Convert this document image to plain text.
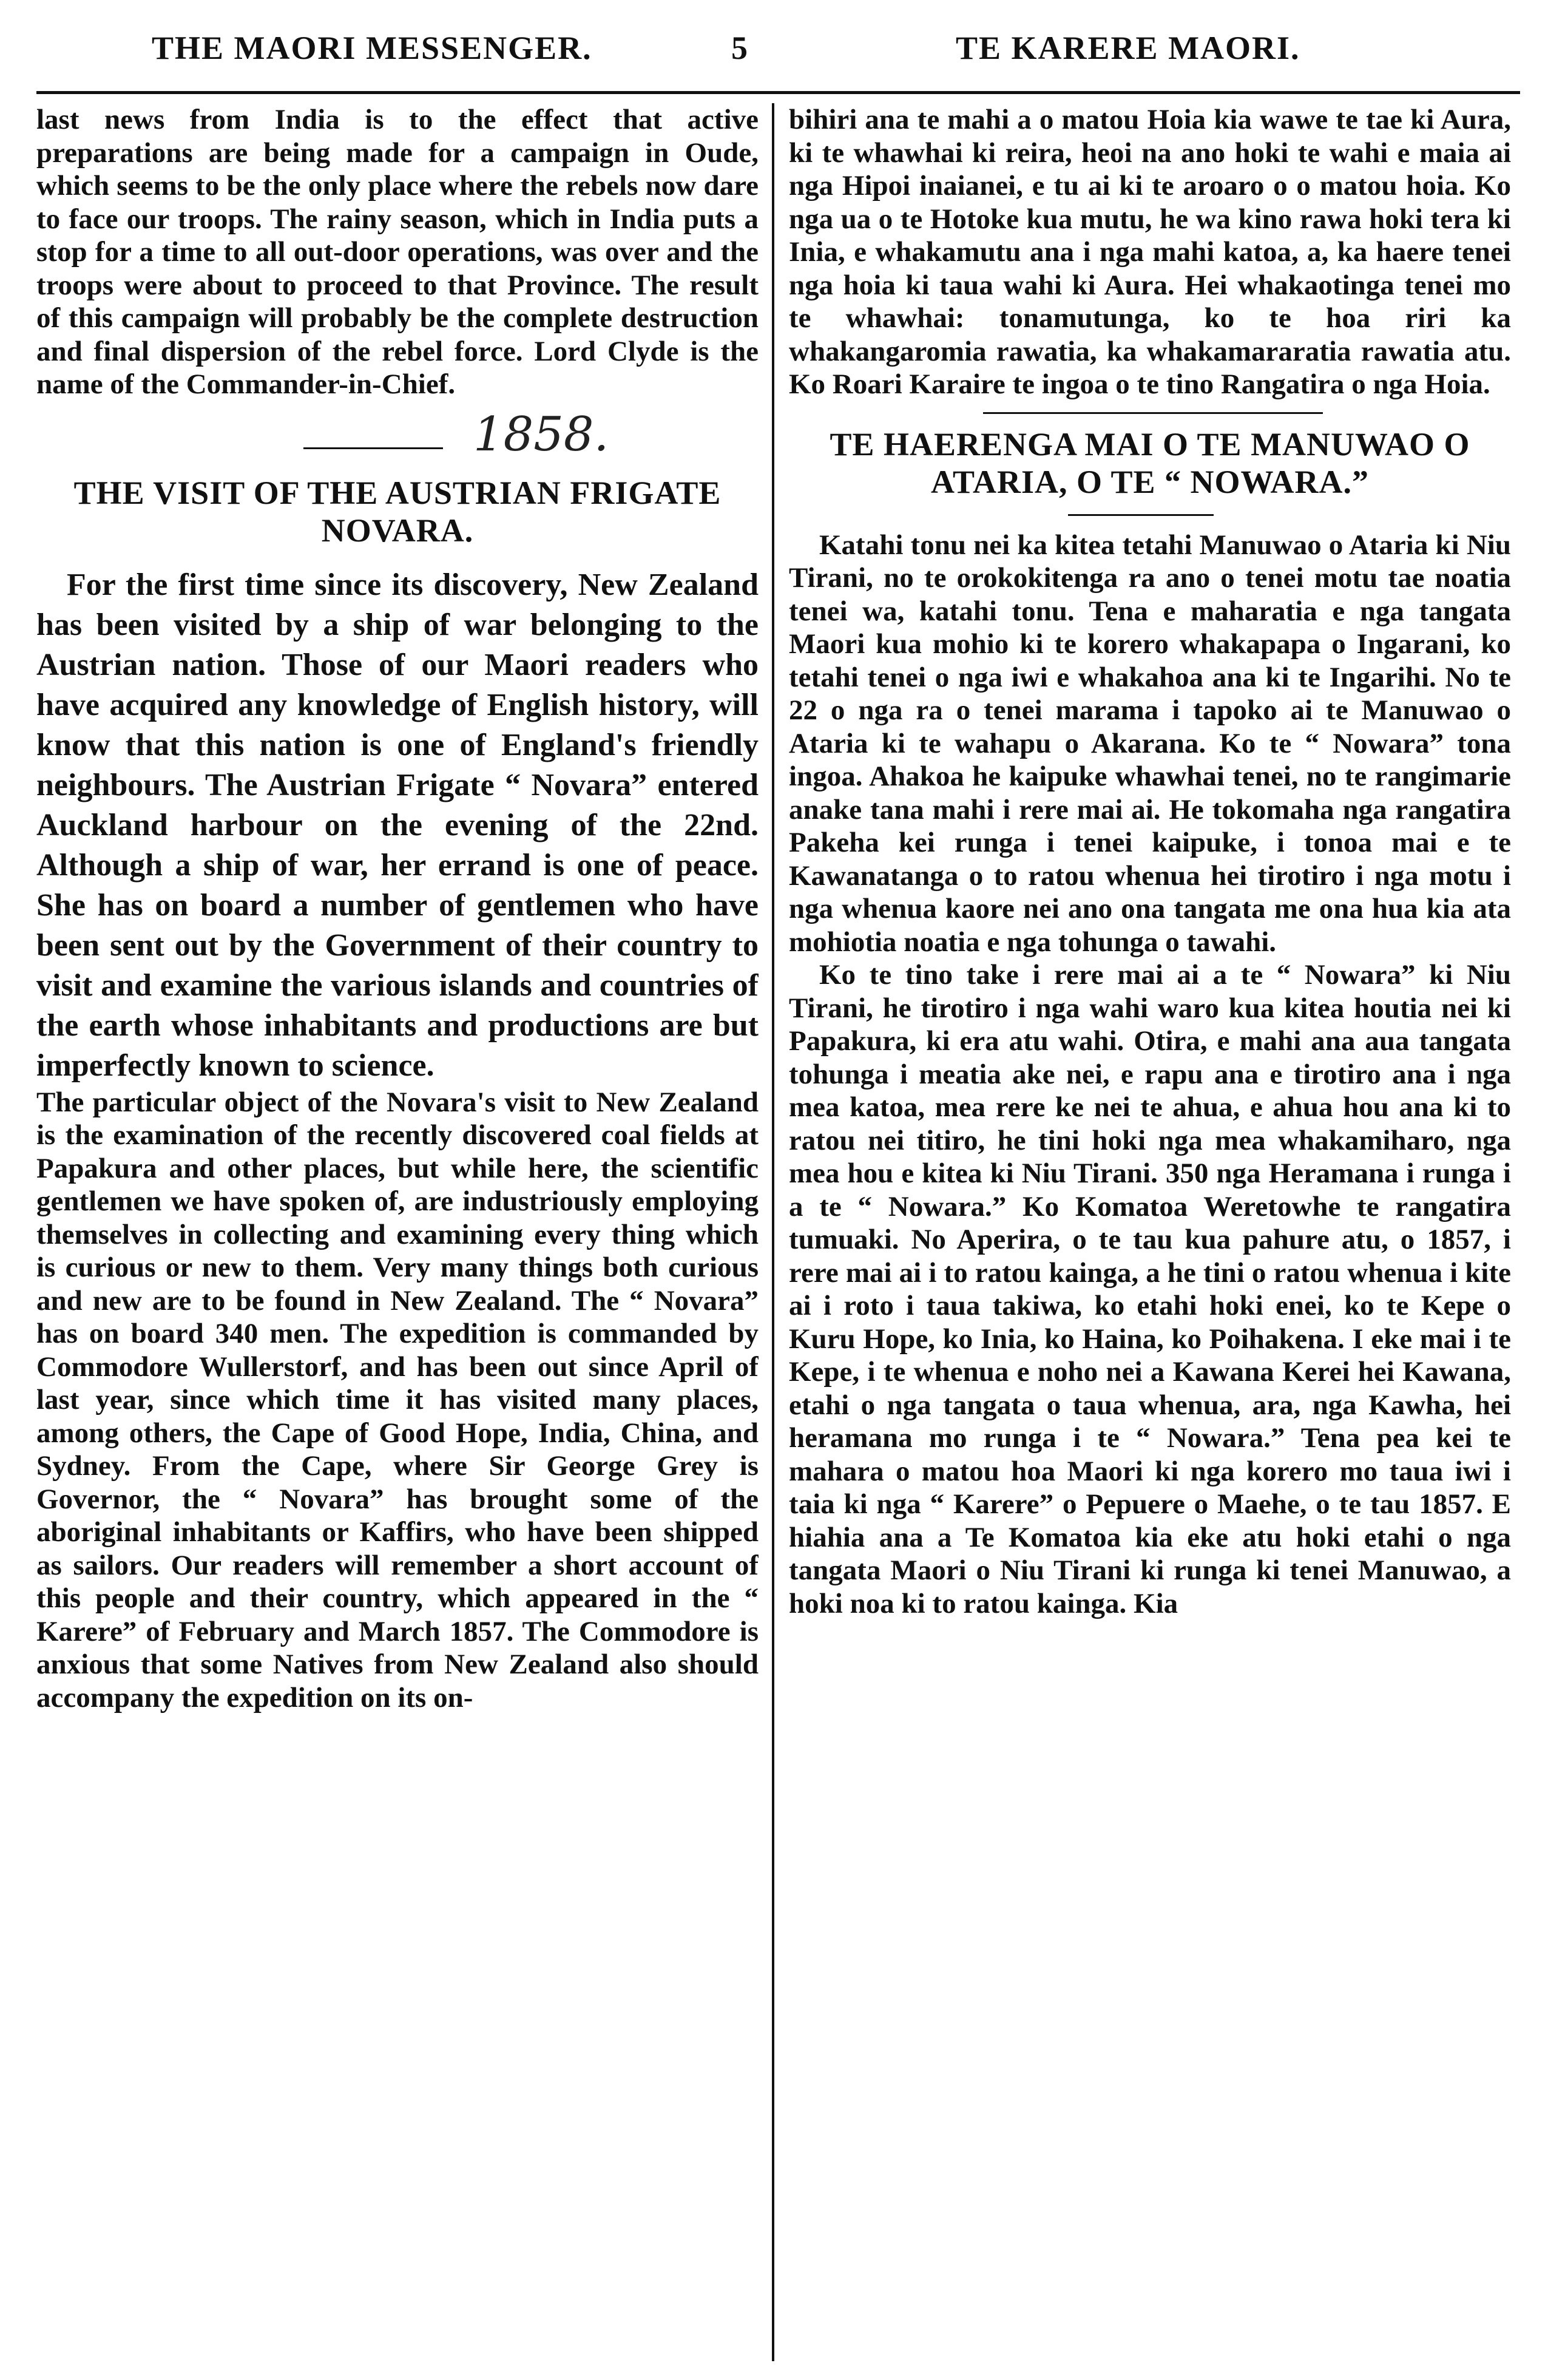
THE MAORI MESSENGER.	5	TE KARERE MAORI.

last news from India is to the effect that active preparations are being made for a campaign in Oude, which seems to be the only place where the rebels now dare to face our troops. The rainy season, which in India puts a stop for a time to all out-door operations, was over and the troops were about to proceed to that Province. The result of this campaign will probably be the complete destruction and final dispersion of the rebel force. Lord Clyde is the name of the Commander-in-Chief.

1858.
THE VISIT OF THE AUSTRIAN FRIGATE NOVARA.

For the first time since its discovery, New Zealand has been visited by a ship of war belonging to the Austrian nation. Those of our Maori readers who have acquired any knowledge of English history, will know that this nation is one of England's friendly neighbours. The Austrian Frigate “ Novara” entered Auckland harbour on the evening of the 22nd. Although a ship of war, her errand is one of peace. She has on board a number of gentlemen who have been sent out by the Government of their country to visit and examine the various islands and countries of the earth whose inhabitants and productions are but imperfectly known to science.

The particular object of the Novara's visit to New Zealand is the examination of the recently discovered coal fields at Papakura and other places, but while here, the scientific gentlemen we have spoken of, are industriously employing themselves in collecting and examining every thing which is curious or new to them. Very many things both curious and new are to be found in New Zealand. The “ Novara” has on board 340 men. The expedition is commanded by Commodore Wullerstorf, and has been out since April of last year, since which time it has visited many places, among others, the Cape of Good Hope, India, China, and Sydney. From the Cape, where Sir George Grey is Governor, the “ Novara” has brought some of the aboriginal inhabitants or Kaffirs, who have been shipped as sailors. Our readers will remember a short account of this people and their country, which appeared in the “ Karere” of February and March 1857. The Commodore is anxious that some Natives from New Zealand also should accompany the expedition on its on-

bihiri ana te mahi a o matou Hoia kia wawe te tae ki Aura, ki te whawhai ki reira, heoi na ano hoki te wahi e maia ai nga Hipoi inaianei, e tu ai ki te aroaro o o matou hoia. Ko nga ua o te Hotoke kua mutu, he wa kino rawa hoki tera ki Inia, e whakamutu ana i nga mahi katoa, a, ka haere tenei nga hoia ki taua wahi ki Aura. Hei whakaotinga tenei mo te whawhai: tonamutunga, ko te hoa riri ka whakangaromia rawatia, ka whakamararatia rawatia atu. Ko Roari Karaire te ingoa o te tino Rangatira o nga Hoia.

TE HAERENGA MAI O TE MANUWAO O ATARIA, O TE “ NOWARA.”

Katahi tonu nei ka kitea tetahi Manuwao o Ataria ki Niu Tirani, no te orokokitenga ra ano o tenei motu tae noatia tenei wa, katahi tonu. Tena e maharatia e nga tangata Maori kua mohio ki te korero whakapapa o Ingarani, ko tetahi tenei o nga iwi e whakahoa ana ki te Ingarihi. No te 22 o nga ra o tenei marama i tapoko ai te Manuwao o Ataria ki te wahapu o Akarana. Ko te “ Nowara” tona ingoa. Ahakoa he kaipuke whawhai tenei, no te rangimarie anake tana mahi i rere mai ai. He tokomaha nga rangatira Pakeha kei runga i tenei kaipuke, i tonoa mai e te Kawanatanga o to ratou whenua hei tirotiro i nga motu i nga whenua kaore nei ano ona tangata me ona hua kia ata mohiotia noatia e nga tohunga o tawahi.

Ko te tino take i rere mai ai a te “ Nowara” ki Niu Tirani, he tirotiro i nga wahi waro kua kitea houtia nei ki Papakura, ki era atu wahi. Otira, e mahi ana aua tangata tohunga i meatia ake nei, e rapu ana e tirotiro ana i nga mea katoa, mea rere ke nei te ahua, e ahua hou ana ki to ratou nei titiro, he tini hoki nga mea whakamiharo, nga mea hou e kitea ki Niu Tirani. 350 nga Heramana i runga i a te “ Nowara.” Ko Komatoa Weretowhe te rangatira tumuaki. No Aperira, o te tau kua pahure atu, o 1857, i rere mai ai i to ratou kainga, a he tini o ratou whenua i kite ai i roto i taua takiwa, ko etahi hoki enei, ko te Kepe o Kuru Hope, ko Inia, ko Haina, ko Poihakena. I eke mai i te Kepe, i te whenua e noho nei a Kawana Kerei hei Kawana, etahi o nga tangata o taua whenua, ara, nga Kawha, hei heramana mo runga i te “ Nowara.” Tena pea kei te mahara o matou hoa Maori ki nga korero mo taua iwi i taia ki nga “ Karere” o Pepuere o Maehe, o te tau 1857. E hiahia ana a Te Komatoa kia eke atu hoki etahi o nga tangata Maori o Niu Tirani ki runga ki tenei Manuwao, a hoki noa ki to ratou kainga. Kia
